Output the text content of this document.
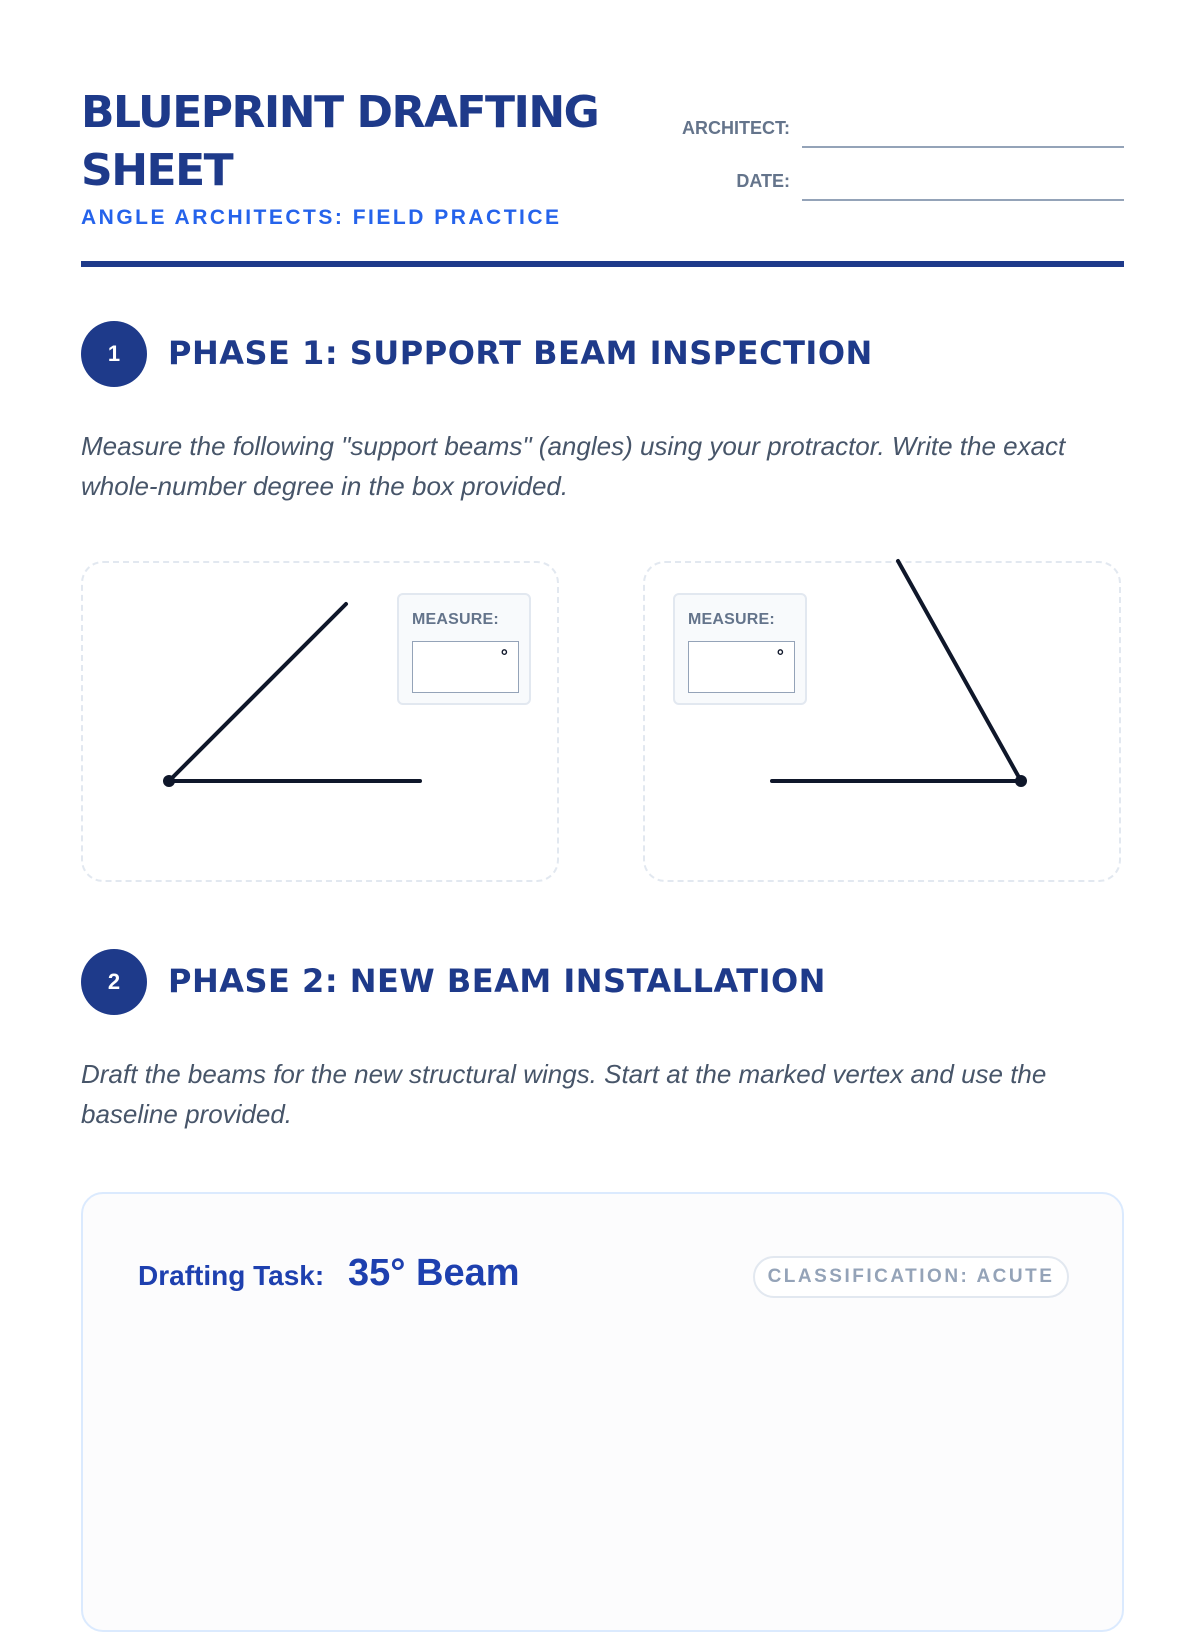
BLUEPRINT DRAFTING SHEET
ANGLE ARCHITECTS: FIELD PRACTICE
ARCHITECT:
DATE:
1	PHASE 1: SUPPORT BEAM INSPECTION
Measure the following "support beams" (angles) using your protractor. Write the exact whole-number degree in the box provided.
MEASURE:
°
MEASURE:
°
2	PHASE 2: NEW BEAM INSTALLATION
Draft the beams for the new structural wings. Start at the marked vertex and use the baseline provided.
Drafting Task: 35° Beam	CLASSIFICATION: ACUTE
